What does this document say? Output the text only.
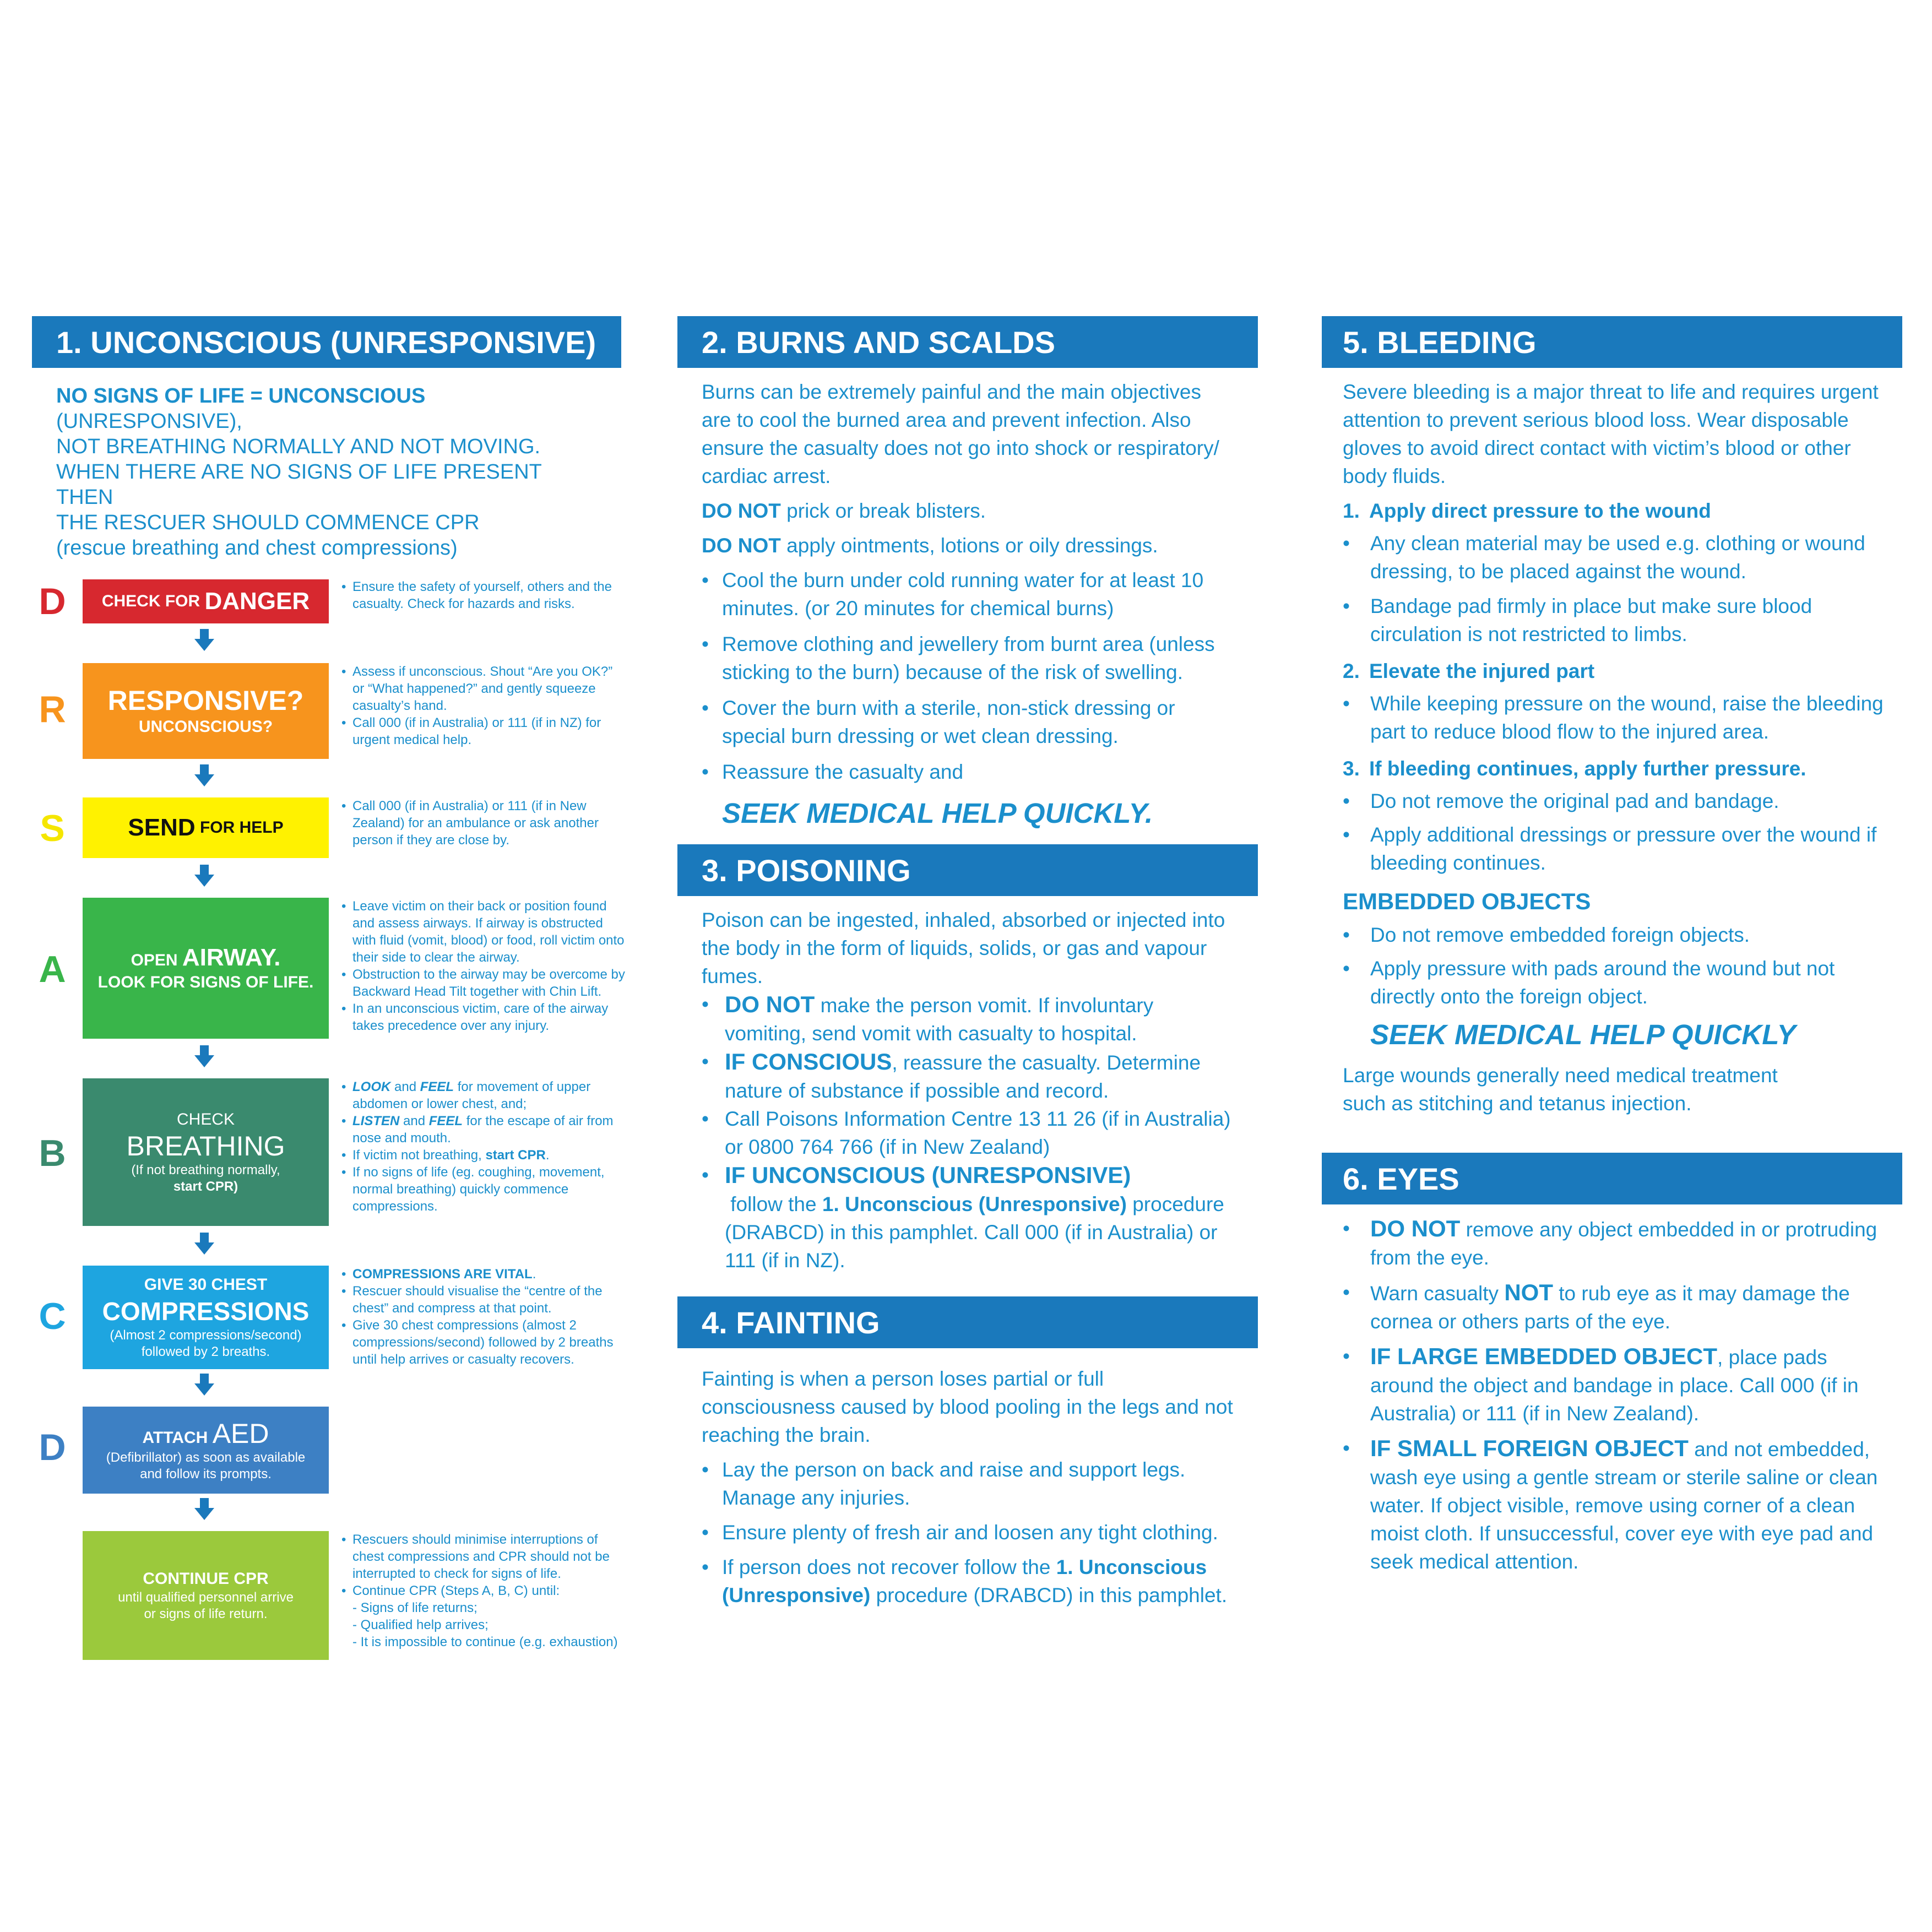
1. UNCONSCIOUS (UNRESPONSIVE)

NO SIGNS OF LIFE = UNCONSCIOUS (UNRESPONSIVE),

NOT BREATHING NORMALLY AND NOT MOVING.

WHEN THERE ARE NO SIGNS OF LIFE PRESENT THEN

THE RESCUER SHOULD COMMENCE CPR

(rescue breathing and chest compressions)

D	CHECK FOR DANGER
• Ensure the safety of yourself, others and the casualty. Check for hazards and risks.
R RESPONSIVE?
UNCONSCIOUS?
• Assess if unconscious. Shout “Are you OK?” or “What happened?” and gently squeeze casualty’s hand.
• Call 000 (if in Australia) or 111 (if in NZ) for urgent medical help.
S	SEND FOR HELP
• Call 000 (if in Australia) or 111 (if in New Zealand) for an ambulance or ask another person if they are close by.
A	OPEN AIRWAY.
LOOK FOR SIGNS OF LIFE.
• Leave victim on their back or position found and assess airways. If airway is obstructed with fluid (vomit, blood) or food, roll victim onto their side to clear the airway.
• Obstruction to the airway may be overcome by Backward Head Tilt together with Chin Lift.
• In an unconscious victim, care of the airway takes precedence over any injury.
B
CHECK
BREATHING
(If not breathing normally,
start CPR)
• LOOK and FEEL for movement of upper abdomen or lower chest, and;
• LISTEN and FEEL for the escape of air from nose and mouth.
• If victim not breathing, start CPR.
• If no signs of life (eg. coughing, movement, normal breathing) quickly commence compressions.
C
GIVE 30 CHEST
COMPRESSIONS
(Almost 2 compressions/second)
followed by 2 breaths.
• COMPRESSIONS ARE VITAL.
• Rescuer should visualise the “centre of the chest” and compress at that point.
• Give 30 chest compressions (almost 2 compressions/second) followed by 2 breaths until help arrives or casualty recovers.
D	ATTACH AED
(Defibrillator) as soon as available
and follow its prompts.
CONTINUE CPR
until qualified personnel arrive
or signs of life return.
• Rescuers should minimise interruptions of chest compressions and CPR should not be interrupted to check for signs of life.
• Continue CPR (Steps A, B, C) until:
- Signs of life returns;
- Qualified help arrives;
- It is impossible to continue (e.g. exhaustion)
2. BURNS AND SCALDS

Burns can be extremely painful and the main objectives are to cool the burned area and prevent infection. Also ensure the casualty does not go into shock or respiratory/ cardiac arrest.

DO NOT prick or break blisters.

DO NOT apply ointments, lotions or oily dressings.

• Cool the burn under cold running water for at least 10 minutes. (or 20 minutes for chemical burns)
• Remove clothing and jewellery from burnt area (unless sticking to the burn) because of the risk of swelling.
• Cover the burn with a sterile, non-stick dressing or special burn dressing or wet clean dressing.
• Reassure the casualty and
SEEK MEDICAL HELP QUICKLY.
3. POISONING

Poison can be ingested, inhaled, absorbed or injected into the body in the form of liquids, solids, or gas and vapour fumes.

• DO NOT make the person vomit. If involuntary vomiting, send vomit with casualty to hospital.
• IF CONSCIOUS, reassure the casualty. Determine nature of substance if possible and record.
• Call Poisons Information Centre 13 11 26 (if in Australia) or 0800 764 766 (if in New Zealand)
• IF UNCONSCIOUS (UNRESPONSIVE) follow the 1. Unconscious (Unresponsive) procedure (DRABCD) in this pamphlet. Call 000 (if in Australia) or 111 (if in NZ).
4. FAINTING

Fainting is when a person loses partial or full consciousness caused by blood pooling in the legs and not reaching the brain.

• Lay the person on back and raise and support legs. Manage any injuries.
• Ensure plenty of fresh air and loosen any tight clothing.
• If person does not recover follow the 1. Unconscious (Unresponsive) procedure (DRABCD) in this pamphlet.
5. BLEEDING

Severe bleeding is a major threat to life and requires urgent attention to prevent serious blood loss. Wear disposable gloves to avoid direct contact with victim’s blood or other body fluids.

1. Apply direct pressure to the wound
• Any clean material may be used e.g. clothing or wound dressing, to be placed against the wound.
• Bandage pad firmly in place but make sure blood circulation is not restricted to limbs.
2. Elevate the injured part
• While keeping pressure on the wound, raise the bleeding part to reduce blood flow to the injured area.
3. If bleeding continues, apply further pressure.
• Do not remove the original pad and bandage.
• Apply additional dressings or pressure over the wound if bleeding continues.
EMBEDDED OBJECTS
• Do not remove embedded foreign objects.
• Apply pressure with pads around the wound but not directly onto the foreign object.
SEEK MEDICAL HELP QUICKLY

Large wounds generally need medical treatment such as stitching and tetanus injection.

6. EYES
• DO NOT remove any object embedded in or protruding from the eye.
• Warn casualty NOT to rub eye as it may damage the cornea or others parts of the eye.
• IF LARGE EMBEDDED OBJECT, place pads around the object and bandage in place. Call 000 (if in Australia) or 111 (if in New Zealand).
• IF SMALL FOREIGN OBJECT and not embedded, wash eye using a gentle stream or sterile saline or clean water. If object visible, remove using corner of a clean moist cloth. If unsuccessful, cover eye with eye pad and seek medical attention.
